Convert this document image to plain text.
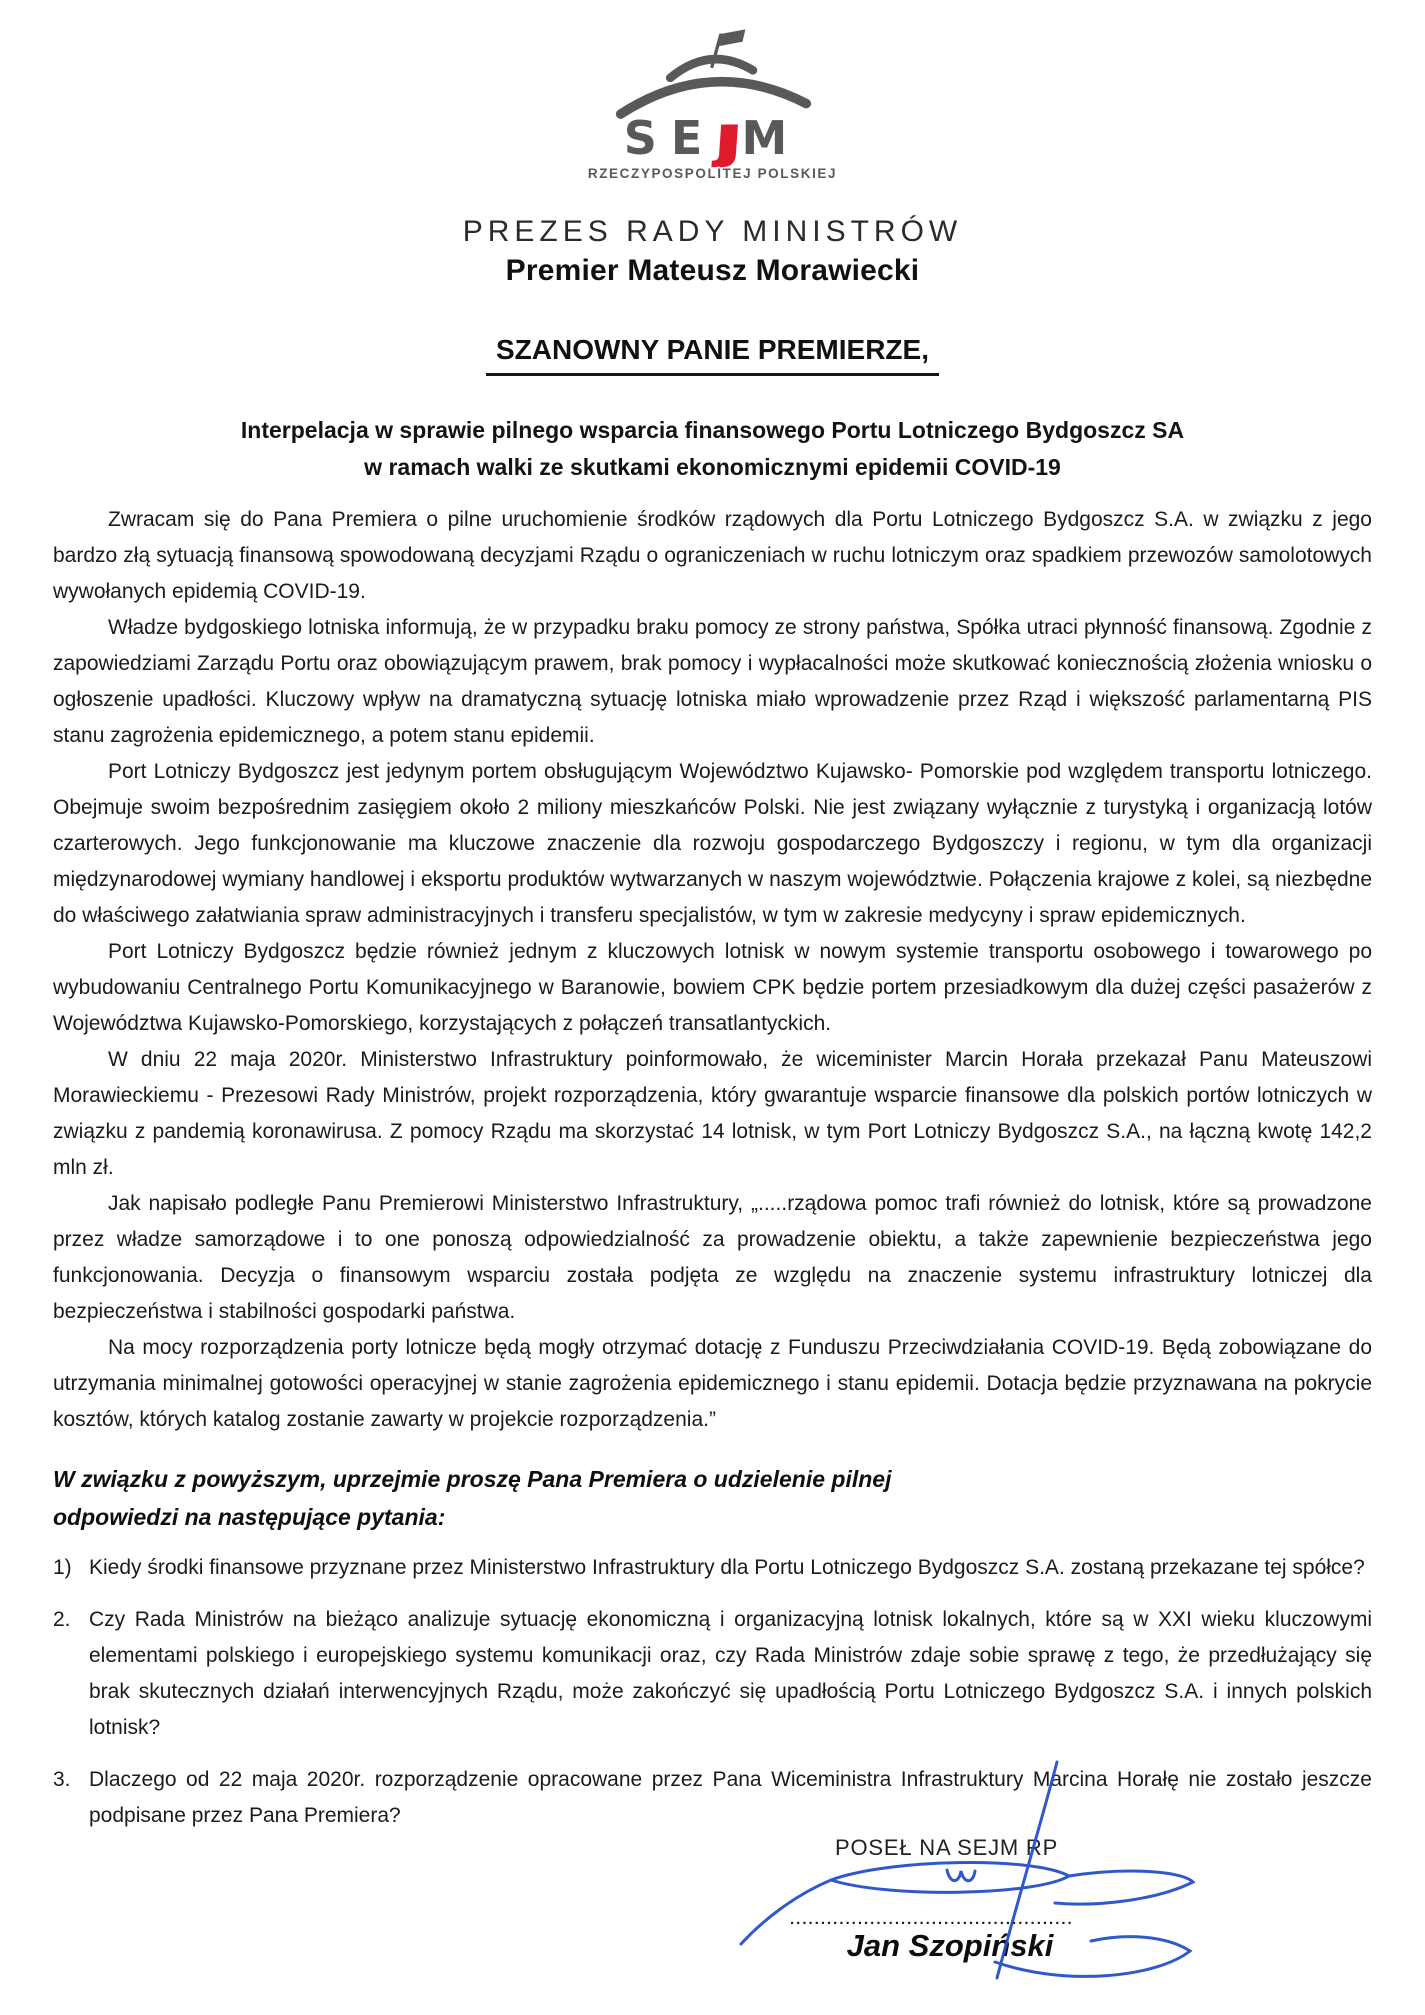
SEJJ M
RZECZYPOSPOLITEJ POLSKIEJ
PREZES RADY MINISTRÓW
Premier Mateusz Morawiecki
SZANOWNY PANIE PREMIERZE,
Interpelacja w sprawie pilnego wsparcia finansowego Portu Lotniczego Bydgoszcz SA
w ramach walki ze skutkami ekonomicznymi epidemii COVID-19

Zwracam się do Pana Premiera o pilne uruchomienie środków rządowych dla Portu Lotniczego Bydgoszcz S.A. w związku z jego bardzo złą sytuacją finansową spowodowaną decyzjami Rządu o ograniczeniach w ruchu lotniczym oraz spadkiem przewozów samolotowych wywołanych epidemią COVID-19.

Władze bydgoskiego lotniska informują, że w przypadku braku pomocy ze strony państwa, Spółka utraci płynność finansową. Zgodnie z zapowiedziami Zarządu Portu oraz obowiązującym prawem, brak pomocy i wypłacalności może skutkować koniecznością złożenia wniosku o ogłoszenie upadłości. Kluczowy wpływ na dramatyczną sytuację lotniska miało wprowadzenie przez Rząd i większość parlamentarną PIS stanu zagrożenia epidemicznego, a potem stanu epidemii.

Port Lotniczy Bydgoszcz jest jedynym portem obsługującym Województwo Kujawsko- Pomorskie pod względem transportu lotniczego. Obejmuje swoim bezpośrednim zasięgiem około 2 miliony mieszkańców Polski. Nie jest związany wyłącznie z turystyką i organizacją lotów czarterowych. Jego funkcjonowanie ma kluczowe znaczenie dla rozwoju gospodarczego Bydgoszczy i regionu, w tym dla organizacji międzynarodowej wymiany handlowej i eksportu produktów wytwarzanych w naszym województwie. Połączenia krajowe z kolei, są niezbędne do właściwego załatwiania spraw administracyjnych i transferu specjalistów, w tym w zakresie medycyny i spraw epidemicznych.

Port Lotniczy Bydgoszcz będzie również jednym z kluczowych lotnisk w nowym systemie transportu osobowego i towarowego po wybudowaniu Centralnego Portu Komunikacyjnego w Baranowie, bowiem CPK będzie portem przesiadkowym dla dużej części pasażerów z Województwa Kujawsko-Pomorskiego, korzystających z połączeń transatlantyckich.

W dniu 22 maja 2020r. Ministerstwo Infrastruktury poinformowało, że wiceminister Marcin Horała przekazał Panu Mateuszowi Morawieckiemu - Prezesowi Rady Ministrów, projekt rozporządzenia, który gwarantuje wsparcie finansowe dla polskich portów lotniczych w związku z pandemią koronawirusa. Z pomocy Rządu ma skorzystać 14 lotnisk, w tym Port Lotniczy Bydgoszcz S.A., na łączną kwotę 142,2 mln zł.

Jak napisało podległe Panu Premierowi Ministerstwo Infrastruktury, „.....rządowa pomoc trafi również do lotnisk, które są prowadzone przez władze samorządowe i to one ponoszą odpowiedzialność za prowadzenie obiektu, a także zapewnienie bezpieczeństwa jego funkcjonowania. Decyzja o finansowym wsparciu została podjęta ze względu na znaczenie systemu infrastruktury lotniczej dla bezpieczeństwa i stabilności gospodarki państwa.

Na mocy rozporządzenia porty lotnicze będą mogły otrzymać dotację z Funduszu Przeciwdziałania COVID-19. Będą zobowiązane do utrzymania minimalnej gotowości operacyjnej w stanie zagrożenia epidemicznego i stanu epidemii. Dotacja będzie przyznawana na pokrycie kosztów, których katalog zostanie zawarty w projekcie rozporządzenia.”

W związku z powyższym, uprzejmie proszę Pana Premiera o udzielenie pilnej odpowiedzi na następujące pytania:
1) Kiedy środki finansowe przyznane przez Ministerstwo Infrastruktury dla Portu Lotniczego Bydgoszcz S.A. zostaną przekazane tej spółce?
2. Czy Rada Ministrów na bieżąco analizuje sytuację ekonomiczną i organizacyjną lotnisk lokalnych, które są w XXI wieku kluczowymi elementami polskiego i europejskiego systemu komunikacji oraz, czy Rada Ministrów zdaje sobie sprawę z tego, że przedłużający się brak skutecznych działań interwencyjnych Rządu, może zakończyć się upadłością Portu Lotniczego Bydgoszcz S.A. i innych polskich lotnisk?
3. Dlaczego od 22 maja 2020r. rozporządzenie opracowane przez Pana Wiceministra Infrastruktury Marcina Horałę nie zostało jeszcze podpisane przez Pana Premiera?
POSEŁ NA SEJM RP
..............................................
Jan Szopiński
